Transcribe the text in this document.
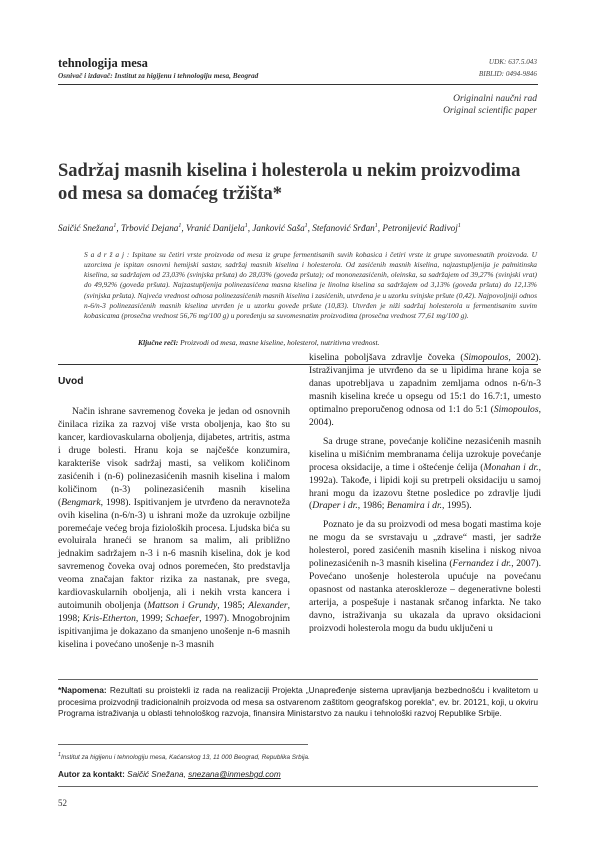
tehnologija mesa
Osnivač i izdavač: Institut za higijenu i tehnologiju mesa, Beograd
UDK: 637.5.043
BIBLID: 0494-9846
Originalni naučni rad
Original scientific paper
Sadržaj masnih kiselina i holesterola u nekim proizvodima od mesa sa domaćeg tržišta*
Saičić Snežana$^1$, Trbović Dejana$^1$, Vranić Danijela$^1$, Janković Saša$^1$, Stefanović Srđan$^1$, Petronijević Radivoj$^1$
S a d r ž a j : Ispitane su četiri vrste proizvoda od mesa iz grupe fermentisanih suvih kobasica i četiri vrste iz grupe suvomesnatih proizvoda. U uzorcima je ispitan osnovni hemijski sastav, sadržaj masnih kiselina i holesterola. Od zasićenih masnih kiselina, najzastupljenija je palmitinska kiselina, sa sadržajem od 23,03% (svinjska pršuta) do 28,03% (goveđa pršuta); od mononezasićenih, oleinska, sa sadržajem od 39,27% (svinjski vrat) do 49,92% (goveđa pršuta). Najzastupljenija polinezasićena masna kiselina je linolna kiselina sa sadržajem od 3,13% (goveđa pršuta) do 12,13% (svinjska pršuta). Najveća vrednost odnosa polinezasićenih masnih kiselina i zasićenih, utvrđena je u uzorku svinjske pršute (0,42). Najpovoljniji odnos n-6/n-3 polinezasićenih masnih kiselina utvrđen je u uzorku goveđe pršute (10,83). Utvrđen je niži sadržaj holesterola u fermentisanim suvim kobasicama (prosečna vrednost 56,76 mg/100 g) u poređenju sa suvomesnatim proizvodima (prosečna vrednost 77,61 mg/100 g).
Ključne reči: Proizvodi od mesa, masne kiseline, holesterol, nutritivna vrednost.
Uvod

Način ishrane savremenog čoveka je jedan od osnovnih činilaca rizika za razvoj više vrsta oboljenja, kao što su kancer, kardiovaskularna oboljenja, dijabetes, artritis, astma i druge bolesti. Hranu koja se najčešće konzumira, karakteriše visok sadržaj masti, sa velikom količinom zasićenih i (n-6) polinezasićenih masnih kiselina i malom količinom (n-3) polinezasićenih masnih kiselina (Bengmark, 1998). Ispitivanjem je utvrđeno da neravnoteža ovih kiselina (n-6/n-3) u ishrani može da uzrokuje ozbiljne poremećaje većeg broja fizioloških procesa. Ljudska bića su evoluirala hraneći se hranom sa malim, ali približno jednakim sadržajem n-3 i n-6 masnih kiselina, dok je kod savremenog čoveka ovaj odnos poremećen, što predstavlja veoma značajan faktor rizika za nastanak, pre svega, kardiovaskularnih oboljenja, ali i nekih vrsta kancera i autoimunih oboljenja (Mattson i Grundy, 1985; Alexander, 1998; Kris-Etherton, 1999; Schaefer, 1997). Mnogobrojnim ispitivanjima je dokazano da smanjeno unošenje n-6 masnih kiselina i povećano unošenje n-3 masnih

kiselina poboljšava zdravlje čoveka (Simopoulos, 2002). Istraživanjima je utvrđeno da se u lipidima hrane koja se danas upotrebljava u zapadnim zemljama odnos n-6/n-3 masnih kiselina kreće u opsegu od 15:1 do 16.7:1, umesto optimalno preporučenog odnosa od 1:1 do 5:1 (Simopoulos, 2004).

Sa druge strane, povećanje količine nezasićenih masnih kiselina u mišićnim membranama ćelija uzrokuje povećanje procesa oksidacije, a time i oštećenje ćelija (Monahan i dr., 1992a). Takođe, i lipidi koji su pretrpeli oksidaciju u samoj hrani mogu da izazovu štetne posledice po zdravlje ljudi (Draper i dr., 1986; Benamira i dr., 1995).

Poznato je da su proizvodi od mesa bogati mastima koje ne mogu da se svrstavaju u „zdrave“ masti, jer sadrže holesterol, pored zasićenih masnih kiselina i niskog nivoa polinezasićenih n-3 masnih kiselina (Fernandez i dr., 2007). Povećano unošenje holesterola upućuje na povećanu opasnost od nastanka ateroskleroze – degenerativne bolesti arterija, a pospešuje i nastanak srčanog infarkta. Ne tako davno, istraživanja su ukazala da upravo oksidacioni proizvodi holesterola mogu da budu uključeni u

*Napomena: Rezultati su proistekli iz rada na realizaciji Projekta „Unapređenje sistema upravljanja bezbednošću i kvalitetom u procesima proizvodnji tradicionalnih proizvoda od mesa sa ostvarenom zaštitom geografskog porekla“, ev. br. 20121, koji, u okviru Programa istraživanja u oblasti tehnološkog razvoja, finansira Ministarstvo za nauku i tehnološki razvoj Republike Srbije.
$^1$Institut za higijenu i tehnologiju mesa, Kaćanskog 13, 11 000 Beograd, Republika Srbija.
Autor za kontakt: Saičić Snežana, snezana@inmesbgd.com
52
